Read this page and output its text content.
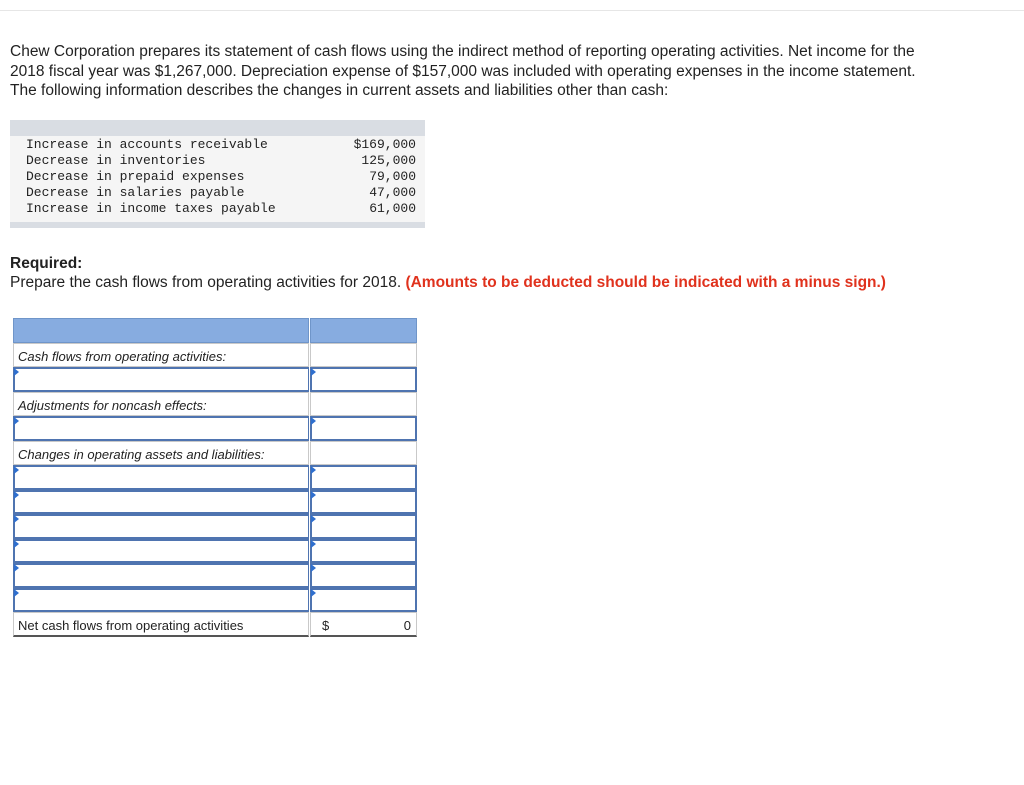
Chew Corporation prepares its statement of cash flows using the indirect method of reporting operating activities. Net income for the
2018 fiscal year was $1,267,000. Depreciation expense of $157,000 was included with operating expenses in the income statement.
The following information describes the changes in current assets and liabilities other than cash:
Increase in accounts receivable	$169,000
Decrease in inventories	125,000
Decrease in prepaid expenses	79,000
Decrease in salaries payable	47,000
Increase in income taxes payable	61,000
Required:
Prepare the cash flows from operating activities for 2018. (Amounts to be deducted should be indicated with a minus sign.)
Cash flows from operating activities:
Adjustments for noncash effects:
Changes in operating assets and liabilities:
Net cash flows from operating activities	$	0
